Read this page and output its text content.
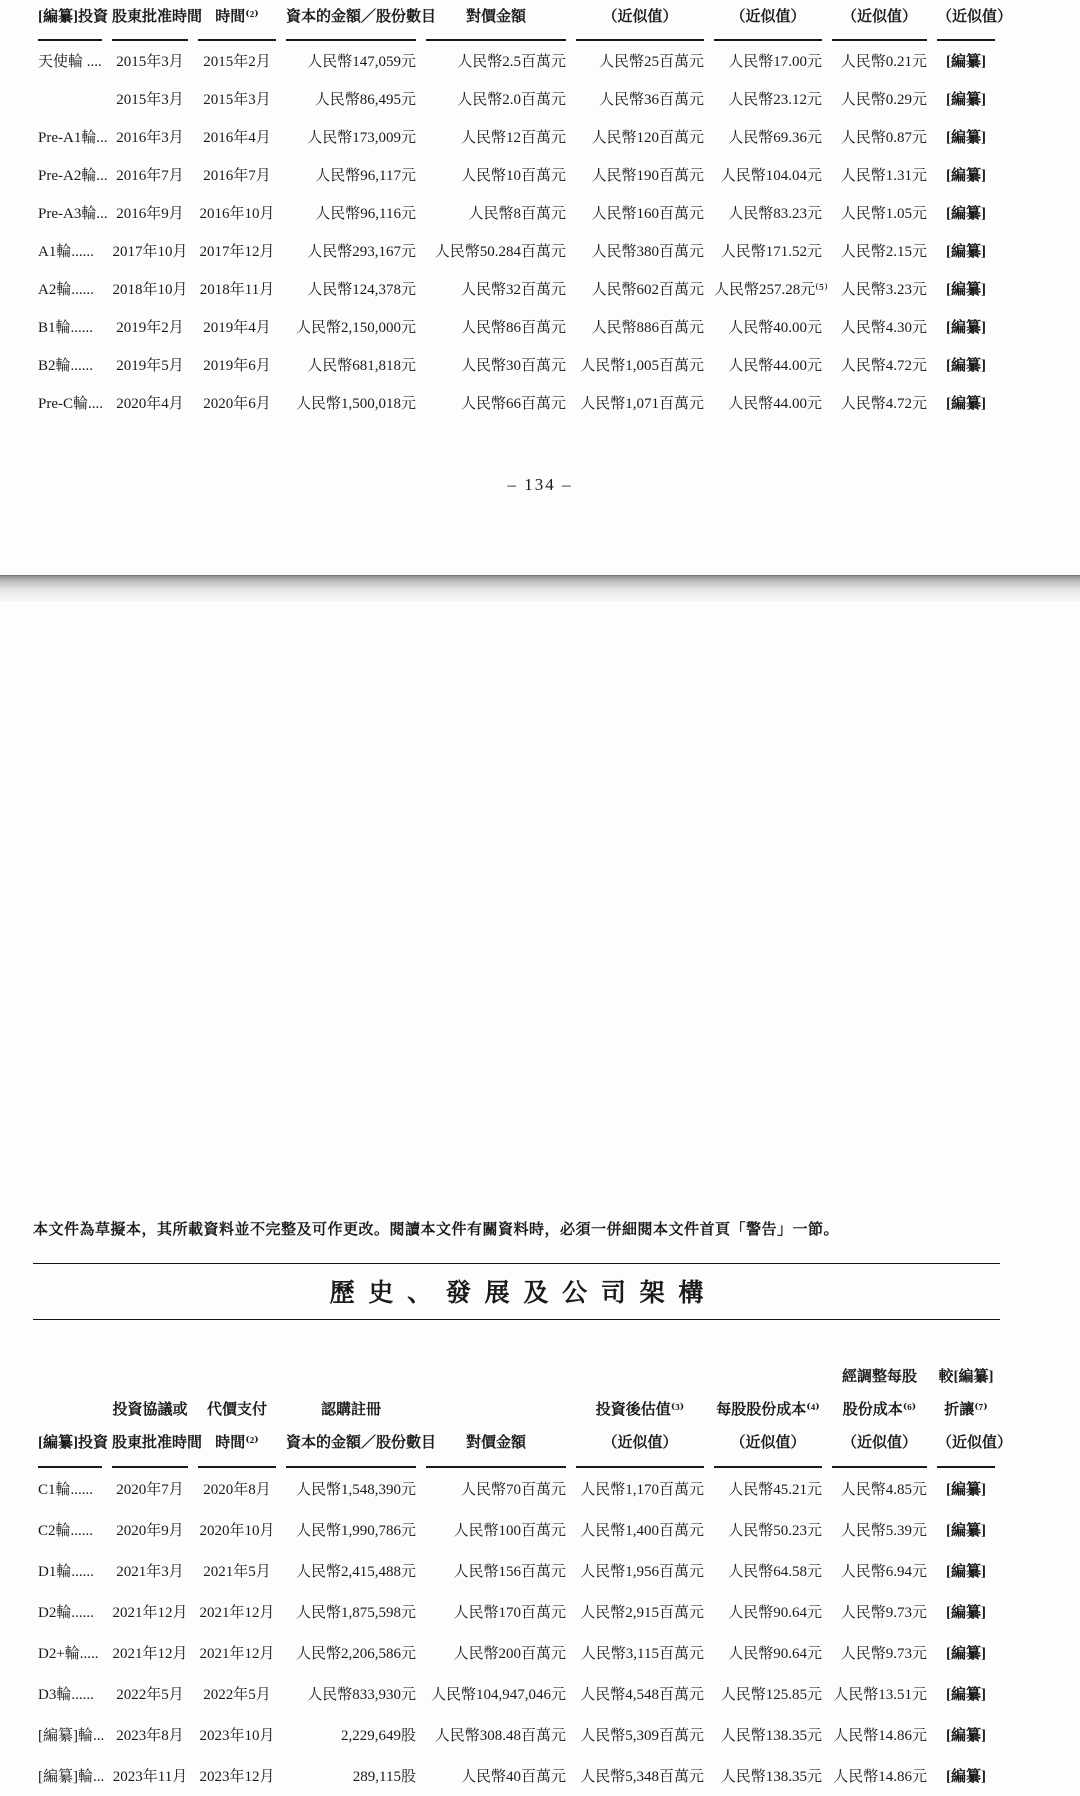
[編纂]投資	股東批准時間	時間⁽²⁾	資本的金額／股份數目	對價金額	（近似值）	（近似值）	（近似值）	（近似值）

天使輪 ....	2015年3月	2015年2月	人民幣147,059元	人民幣2.5百萬元	人民幣25百萬元	人民幣17.00元	人民幣0.21元	[編纂]
	2015年3月	2015年3月	人民幣86,495元	人民幣2.0百萬元	人民幣36百萬元	人民幣23.12元	人民幣0.29元	[編纂]
Pre-A1輪...	2016年3月	2016年4月	人民幣173,009元	人民幣12百萬元	人民幣120百萬元	人民幣69.36元	人民幣0.87元	[編纂]
Pre-A2輪...	2016年7月	2016年7月	人民幣96,117元	人民幣10百萬元	人民幣190百萬元	人民幣104.04元	人民幣1.31元	[編纂]
Pre-A3輪...	2016年9月	2016年10月	人民幣96,116元	人民幣8百萬元	人民幣160百萬元	人民幣83.23元	人民幣1.05元	[編纂]
A1輪......	2017年10月	2017年12月	人民幣293,167元	人民幣50.284百萬元	人民幣380百萬元	人民幣171.52元	人民幣2.15元	[編纂]
A2輪......	2018年10月	2018年11月	人民幣124,378元	人民幣32百萬元	人民幣602百萬元	人民幣257.28元⁽⁵⁾	人民幣3.23元	[編纂]
B1輪......	2019年2月	2019年4月	人民幣2,150,000元	人民幣86百萬元	人民幣886百萬元	人民幣40.00元	人民幣4.30元	[編纂]
B2輪......	2019年5月	2019年6月	人民幣681,818元	人民幣30百萬元	人民幣1,005百萬元	人民幣44.00元	人民幣4.72元	[編纂]
Pre-C輪....	2020年4月	2020年6月	人民幣1,500,018元	人民幣66百萬元	人民幣1,071百萬元	人民幣44.00元	人民幣4.72元	[編纂]
– 134 –
本文件為草擬本，其所載資料並不完整及可作更改。閱讀本文件有關資料時，必須一併細閱本文件首頁「警告」一節。
歷史、發展及公司架構
[編纂]投資

投資協議或
股東批准時間

代價支付
時間⁽²⁾

認購註冊
資本的金額／股份數目	對價金額

投資後估值⁽³⁾
（近似值）

每股股份成本⁽⁴⁾
（近似值）

經調整每股
股份成本⁽⁶⁾
（近似值）

較[編纂]
折讓⁽⁷⁾
（近似值）

C1輪......	2020年7月	2020年8月	人民幣1,548,390元	人民幣70百萬元	人民幣1,170百萬元	人民幣45.21元	人民幣4.85元	[編纂]
C2輪......	2020年9月	2020年10月	人民幣1,990,786元	人民幣100百萬元	人民幣1,400百萬元	人民幣50.23元	人民幣5.39元	[編纂]
D1輪......	2021年3月	2021年5月	人民幣2,415,488元	人民幣156百萬元	人民幣1,956百萬元	人民幣64.58元	人民幣6.94元	[編纂]
D2輪......	2021年12月	2021年12月	人民幣1,875,598元	人民幣170百萬元	人民幣2,915百萬元	人民幣90.64元	人民幣9.73元	[編纂]
D2+輪.....	2021年12月	2021年12月	人民幣2,206,586元	人民幣200百萬元	人民幣3,115百萬元	人民幣90.64元	人民幣9.73元	[編纂]
D3輪......	2022年5月	2022年5月	人民幣833,930元	人民幣104,947,046元	人民幣4,548百萬元	人民幣125.85元	人民幣13.51元	[編纂]
[編纂]輪...	2023年8月	2023年10月	2,229,649股	人民幣308.48百萬元	人民幣5,309百萬元	人民幣138.35元	人民幣14.86元	[編纂]
[編纂]輪...	2023年11月	2023年12月	289,115股	人民幣40百萬元	人民幣5,348百萬元	人民幣138.35元	人民幣14.86元	[編纂]
